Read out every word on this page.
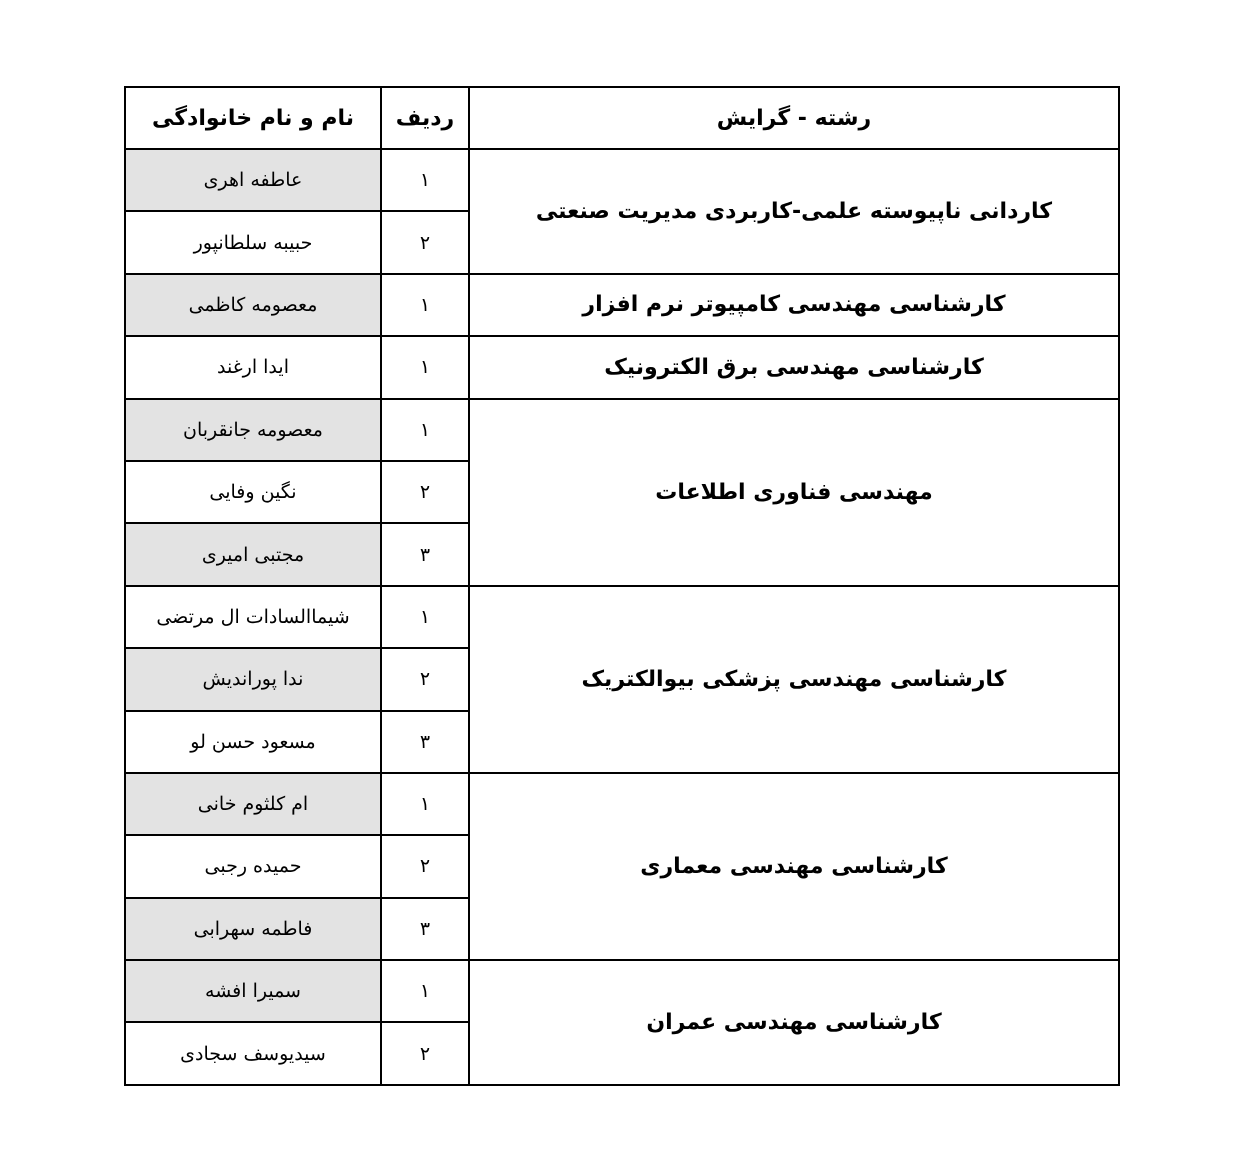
نام و نام خانوادگی	ردیف	رشته - گرایش
عاطفه اهری	۱	کاردانی ناپیوسته علمی-کاربردی مدیریت صنعتی
حبیبه سلطانپور	۲	
معصومه کاظمی	۱	کارشناسی مهندسی کامپیوتر نرم افزار
ایدا ارغند	۱	کارشناسی مهندسی برق الکترونیک
معصومه جانقربان	۱	مهندسی فناوری اطلاعات
نگین وفایی	۲	
مجتبی امیری	۳	
شیماالسادات ال مرتضی	۱	کارشناسی مهندسی پزشکی بیوالکتریک
ندا پوراندیش	۲	
مسعود حسن لو	۳	
ام کلثوم خانی	۱	کارشناسی مهندسی معماری
حمیده رجبی	۲	
فاطمه سهرابی	۳	
سمیرا افشه	۱	کارشناسی مهندسی عمران
سیدیوسف سجادی	۲	
